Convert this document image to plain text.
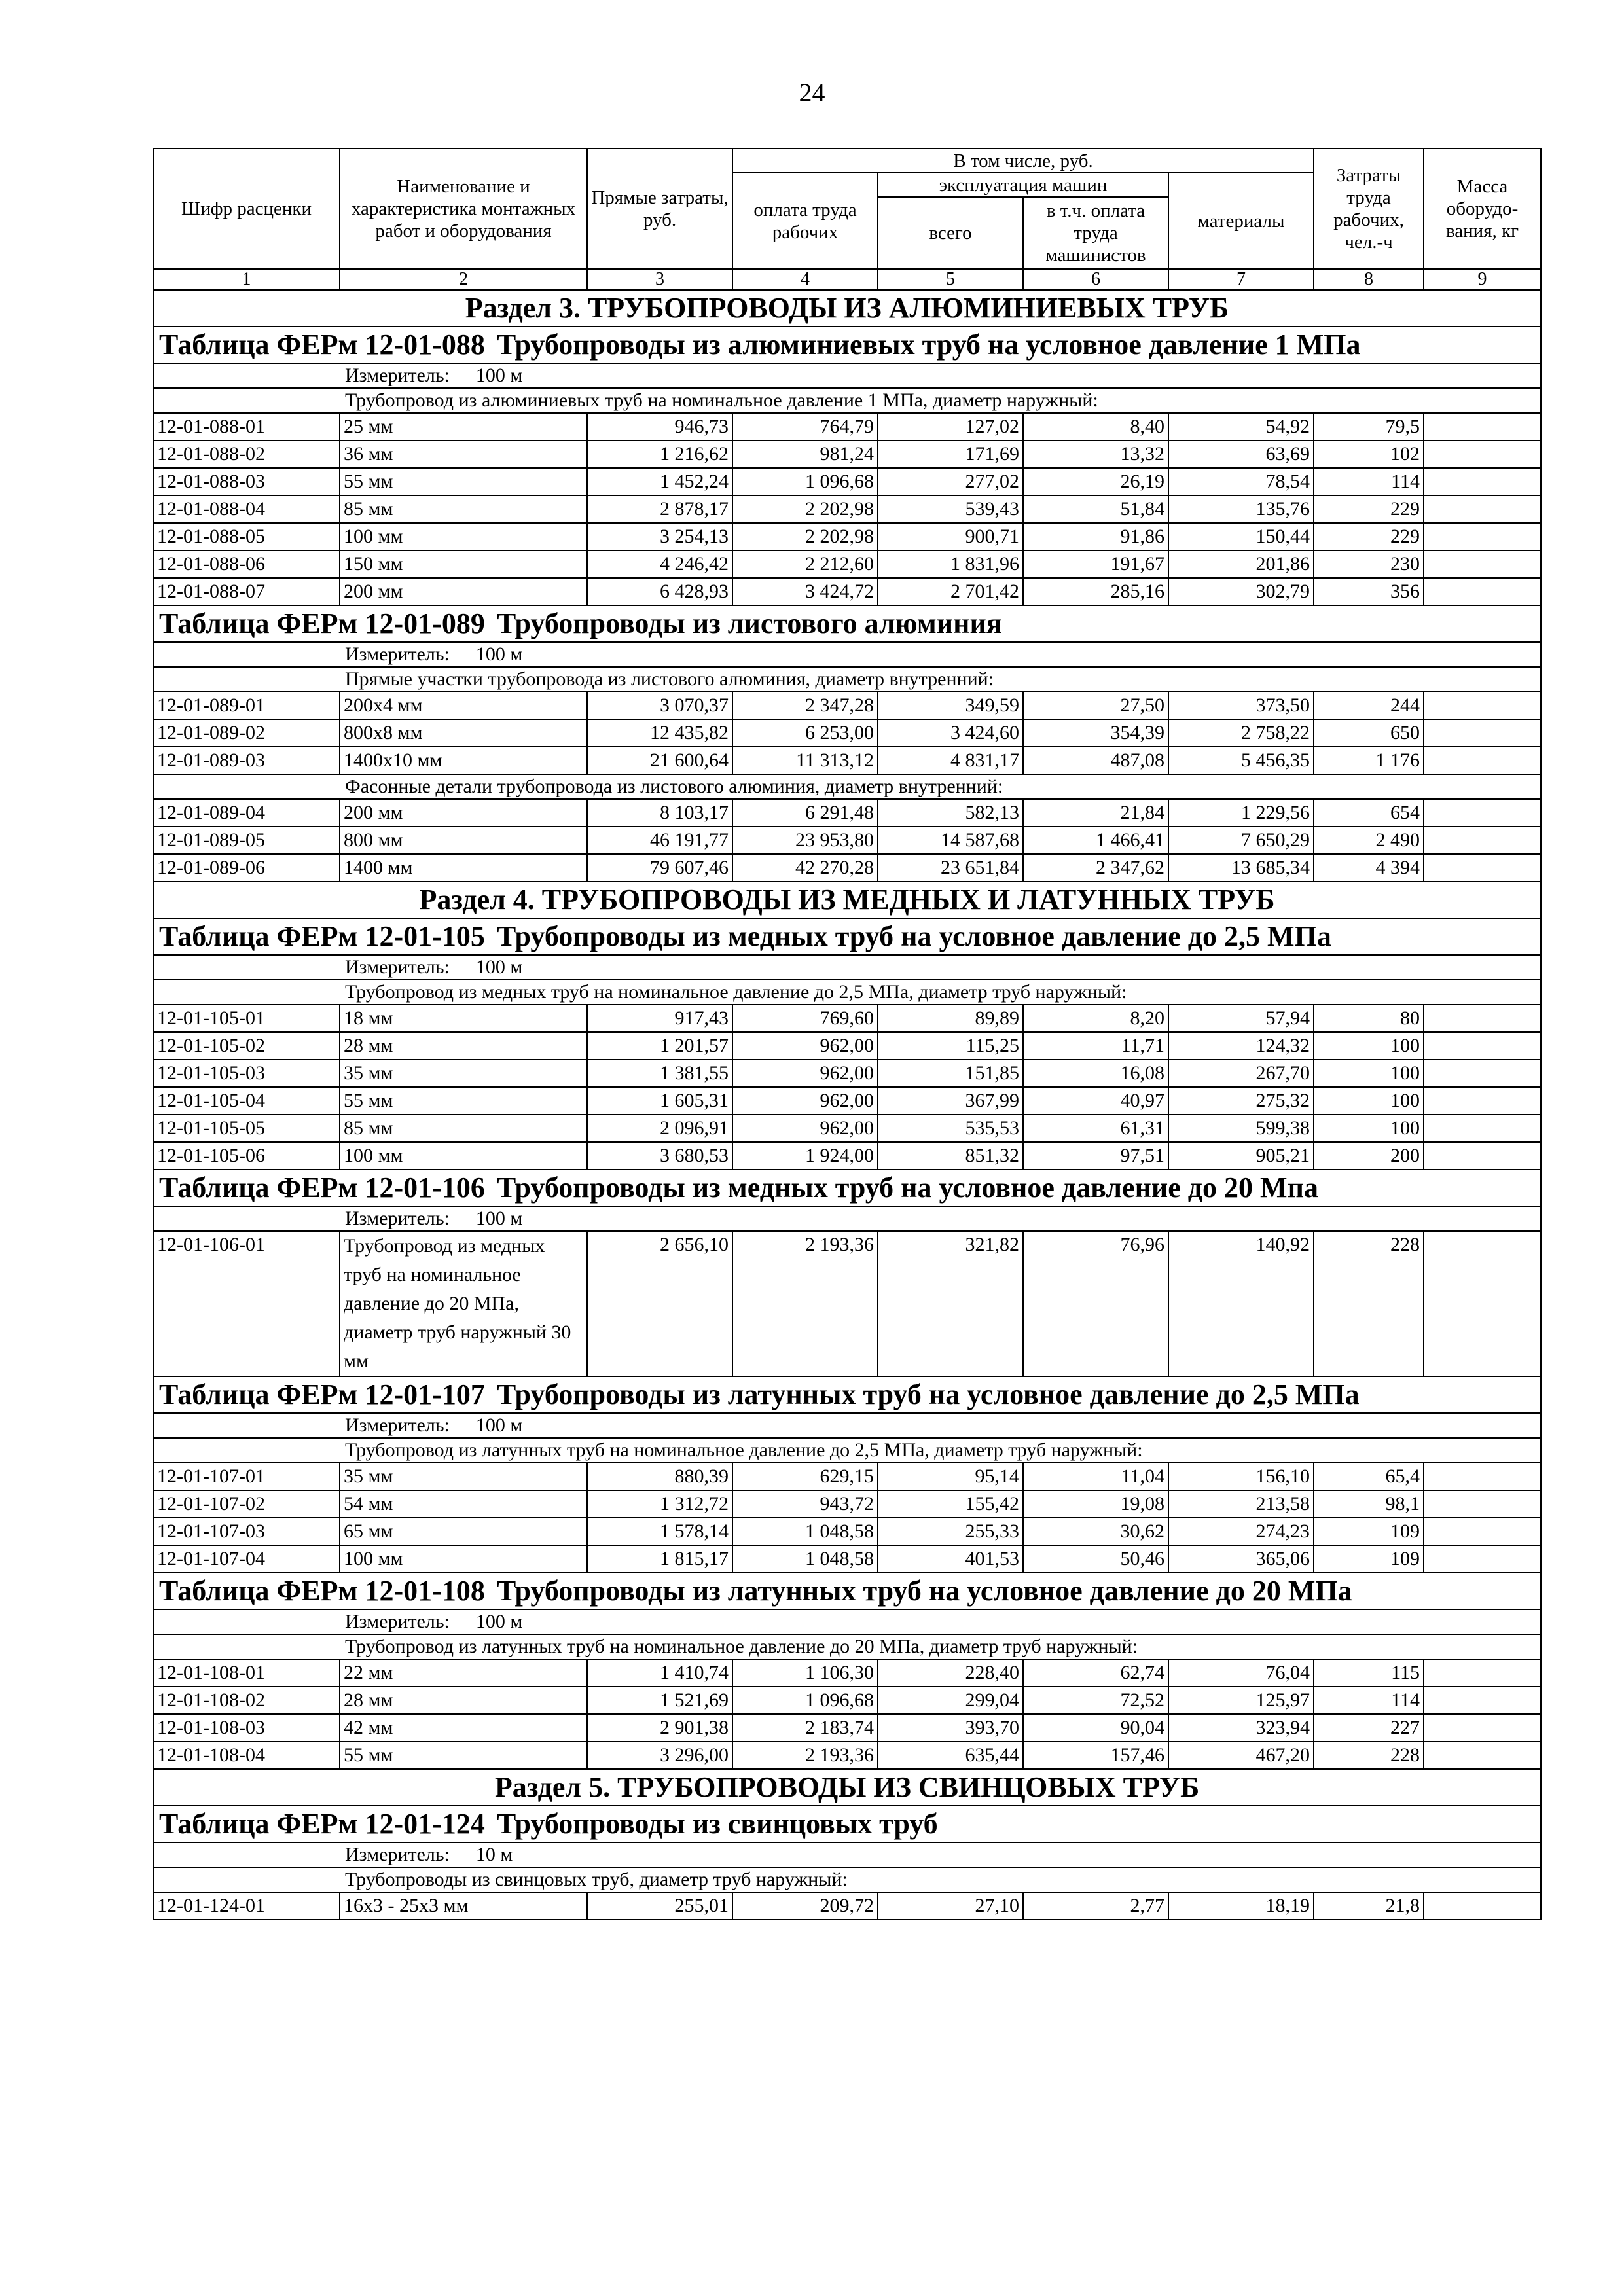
24
Шифр расценки	Наименование и характеристика монтажных работ и оборудования	Прямые затраты, руб.	В том числе, руб.				Затраты труда рабочих, чел.-ч	Масса оборудо-вания, кг
			оплата труда рабочих	эксплуатация машин		материалы		
				всего	в т.ч. оплата труда машинистов			
1	2	3	4	5	6	7	8	9
Раздел 3. ТРУБОПРОВОДЫ ИЗ АЛЮМИНИЕВЫХ ТРУБ								

Таблица ФЕРм 12-01-088 Трубопроводы из алюминиевых труб на условное давление 1 МПа								

Измеритель: 100 м								
Трубопровод из алюминиевых труб на номинальное давление 1 МПа, диаметр наружный:								
12-01-088-01	25 мм	946,73	764,79	127,02	8,40	54,92	79,5	
12-01-088-02	36 мм	1 216,62	981,24	171,69	13,32	63,69	102	
12-01-088-03	55 мм	1 452,24	1 096,68	277,02	26,19	78,54	114	
12-01-088-04	85 мм	2 878,17	2 202,98	539,43	51,84	135,76	229	
12-01-088-05	100 мм	3 254,13	2 202,98	900,71	91,86	150,44	229	
12-01-088-06	150 мм	4 246,42	2 212,60	1 831,96	191,67	201,86	230	
12-01-088-07	200 мм	6 428,93	3 424,72	2 701,42	285,16	302,79	356	

Таблица ФЕРм 12-01-089 Трубопроводы из листового алюминия								

Измеритель: 100 м								
Прямые участки трубопровода из листового алюминия, диаметр внутренний:								
12-01-089-01	200х4 мм	3 070,37	2 347,28	349,59	27,50	373,50	244	
12-01-089-02	800х8 мм	12 435,82	6 253,00	3 424,60	354,39	2 758,22	650	
12-01-089-03	1400х10 мм	21 600,64	11 313,12	4 831,17	487,08	5 456,35	1 176	
Фасонные детали трубопровода из листового алюминия, диаметр внутренний:								
12-01-089-04	200 мм	8 103,17	6 291,48	582,13	21,84	1 229,56	654	
12-01-089-05	800 мм	46 191,77	23 953,80	14 587,68	1 466,41	7 650,29	2 490	
12-01-089-06	1400 мм	79 607,46	42 270,28	23 651,84	2 347,62	13 685,34	4 394	
Раздел 4. ТРУБОПРОВОДЫ ИЗ МЕДНЫХ И ЛАТУННЫХ ТРУБ								

Таблица ФЕРм 12-01-105 Трубопроводы из медных труб на условное давление до 2,5 МПа								

Измеритель: 100 м								
Трубопровод из медных труб на номинальное давление до 2,5 МПа, диаметр труб наружный:								
12-01-105-01	18 мм	917,43	769,60	89,89	8,20	57,94	80	
12-01-105-02	28 мм	1 201,57	962,00	115,25	11,71	124,32	100	
12-01-105-03	35 мм	1 381,55	962,00	151,85	16,08	267,70	100	
12-01-105-04	55 мм	1 605,31	962,00	367,99	40,97	275,32	100	
12-01-105-05	85 мм	2 096,91	962,00	535,53	61,31	599,38	100	
12-01-105-06	100 мм	3 680,53	1 924,00	851,32	97,51	905,21	200	

Таблица ФЕРм 12-01-106 Трубопроводы из медных труб на условное давление до 20 Мпа								

Измеритель: 100 м								
12-01-106-01	Трубопровод из медных труб на номинальное давление до 20 МПа, диаметр труб наружный 30 мм	2 656,10	2 193,36	321,82	76,96	140,92	228	

Таблица ФЕРм 12-01-107 Трубопроводы из латунных труб на условное давление до 2,5 МПа								

Измеритель: 100 м								
Трубопровод из латунных труб на номинальное давление до 2,5 МПа, диаметр труб наружный:								
12-01-107-01	35 мм	880,39	629,15	95,14	11,04	156,10	65,4	
12-01-107-02	54 мм	1 312,72	943,72	155,42	19,08	213,58	98,1	
12-01-107-03	65 мм	1 578,14	1 048,58	255,33	30,62	274,23	109	
12-01-107-04	100 мм	1 815,17	1 048,58	401,53	50,46	365,06	109	

Таблица ФЕРм 12-01-108 Трубопроводы из латунных труб на условное давление до 20 МПа								

Измеритель: 100 м								
Трубопровод из латунных труб на номинальное давление до 20 МПа, диаметр труб наружный:								
12-01-108-01	22 мм	1 410,74	1 106,30	228,40	62,74	76,04	115	
12-01-108-02	28 мм	1 521,69	1 096,68	299,04	72,52	125,97	114	
12-01-108-03	42 мм	2 901,38	2 183,74	393,70	90,04	323,94	227	
12-01-108-04	55 мм	3 296,00	2 193,36	635,44	157,46	467,20	228	
Раздел 5. ТРУБОПРОВОДЫ ИЗ СВИНЦОВЫХ ТРУБ								

Таблица ФЕРм 12-01-124 Трубопроводы из свинцовых труб								

Измеритель: 10 м								
Трубопроводы из свинцовых труб, диаметр труб наружный:								
12-01-124-01	16х3 - 25х3 мм	255,01	209,72	27,10	2,77	18,19	21,8	
